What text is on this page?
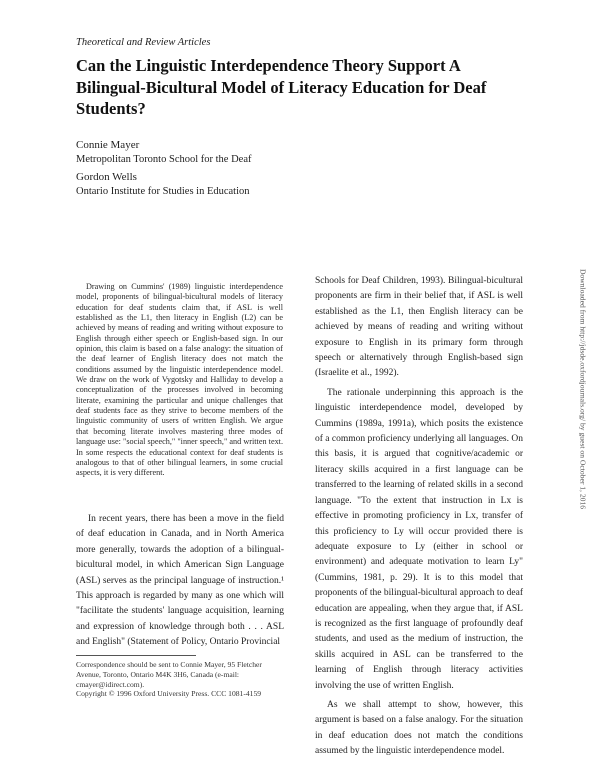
Theoretical and Review Articles
Can the Linguistic Interdependence Theory Support A Bilingual-Bicultural Model of Literacy Education for Deaf Students?
Connie Mayer
Metropolitan Toronto School for the Deaf
Gordon Wells
Ontario Institute for Studies in Education

Drawing on Cummins' (1989) linguistic interdependence model, proponents of bilingual-bicultural models of literacy education for deaf students claim that, if ASL is well established as the L1, then literacy in English (L2) can be achieved by means of reading and writing without exposure to English through either speech or English-based sign. In our opinion, this claim is based on a false analogy: the situation of the deaf learner of English literacy does not match the conditions assumed by the linguistic interdependence model. We draw on the work of Vygotsky and Halliday to develop a conceptualization of the processes involved in becoming literate, examining the particular and unique challenges that deaf students face as they strive to become members of the linguistic community of users of written English. We argue that becoming literate involves mastering three modes of language use: "social speech," "inner speech," and written text. In some respects the educational context for deaf students is analogous to that of other bilingual learners, in some crucial aspects, it is very different.

In recent years, there has been a move in the field of deaf education in Canada, and in North America more generally, towards the adoption of a bilingual-bicultural model, in which American Sign Language (ASL) serves as the principal language of instruction.¹ This approach is regarded by many as one which will "facilitate the students' language acquisition, learning and expression of knowledge through both . . . ASL and English" (Statement of Policy, Ontario Provincial

Schools for Deaf Children, 1993). Bilingual-bicultural proponents are firm in their belief that, if ASL is well established as the L1, then English literacy can be achieved by means of reading and writing without exposure to English in its primary form through speech or alternatively through English-based sign (Israelite et al., 1992).

The rationale underpinning this approach is the linguistic interdependence model, developed by Cummins (1989a, 1991a), which posits the existence of a common proficiency underlying all languages. On this basis, it is argued that cognitive/academic or literacy skills acquired in a first language can be transferred to the learning of related skills in a second language. "To the extent that instruction in Lx is effective in promoting proficiency in Lx, transfer of this proficiency to Ly will occur provided there is adequate exposure to Ly (either in school or environment) and adequate motivation to learn Ly" (Cummins, 1981, p. 29). It is to this model that proponents of the bilingual-bicultural approach to deaf education are appealing, when they argue that, if ASL is recognized as the first language of profoundly deaf students, and used as the medium of instruction, the skills acquired in ASL can be transferred to the learning of English through literacy activities involving the use of written English.

As we shall attempt to show, however, this argument is based on a false analogy. For the situation in deaf education does not match the conditions assumed by the linguistic interdependence model.

Correspondence should be sent to Connie Mayer, 95 Fletcher Avenue, Toronto, Ontario M4K 3H6, Canada (e-mail: cmayer@idirect.com).

Copyright © 1996 Oxford University Press. CCC 1081-4159
Downloaded from http://jdsde.oxfordjournals.org/ by guest on October 1, 2016
